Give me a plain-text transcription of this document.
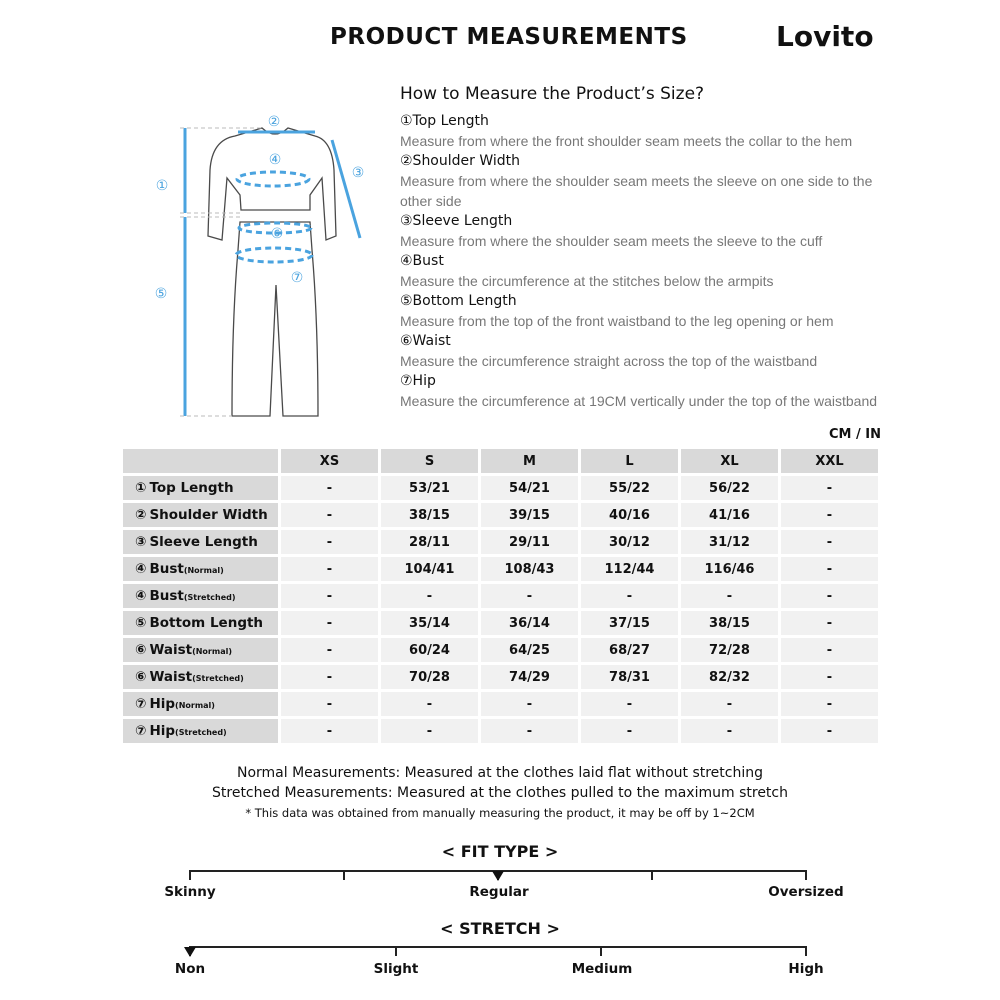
PRODUCT MEASUREMENTS	Lovito
①
②
③
④
⑤
⑥
⑦
How to Measure the Product’s Size?
①Top Length
Measure from where the front shoulder seam meets the collar to the hem
②Shoulder Width
Measure from where the shoulder seam meets the sleeve on one side to the other side
③Sleeve Length
Measure from where the shoulder seam meets the sleeve to the cuff
④Bust
Measure the circumference at the stitches below the armpits
⑤Bottom Length
Measure from the top of the front waistband to the leg opening or hem
⑥Waist
Measure the circumference straight across the top of the waistband
⑦Hip
Measure the circumference at 19CM vertically under the top of the waistband
CM / IN
	XS	S	M	L	XL	XXL
① Top Length	-	53/21	54/21	55/22	56/22	-
② Shoulder Width	-	38/15	39/15	40/16	41/16	-
③ Sleeve Length	-	28/11	29/11	30/12	31/12	-
④ Bust(Normal)	-	104/41	108/43	112/44	116/46	-
④ Bust(Stretched)	-	-	-	-	-	-
⑤ Bottom Length	-	35/14	36/14	37/15	38/15	-
⑥ Waist(Normal)	-	60/24	64/25	68/27	72/28	-
⑥ Waist(Stretched)	-	70/28	74/29	78/31	82/32	-
⑦ Hip(Normal)	-	-	-	-	-	-
⑦ Hip(Stretched)	-	-	-	-	-	-
Normal Measurements: Measured at the clothes laid flat without stretching
Stretched Measurements: Measured at the clothes pulled to the maximum stretch
* This data was obtained from manually measuring the product, it may be off by 1~2CM
< FIT TYPE >
Skinny	Regular	Oversized
< STRETCH >
Non	Slight	Medium	High
